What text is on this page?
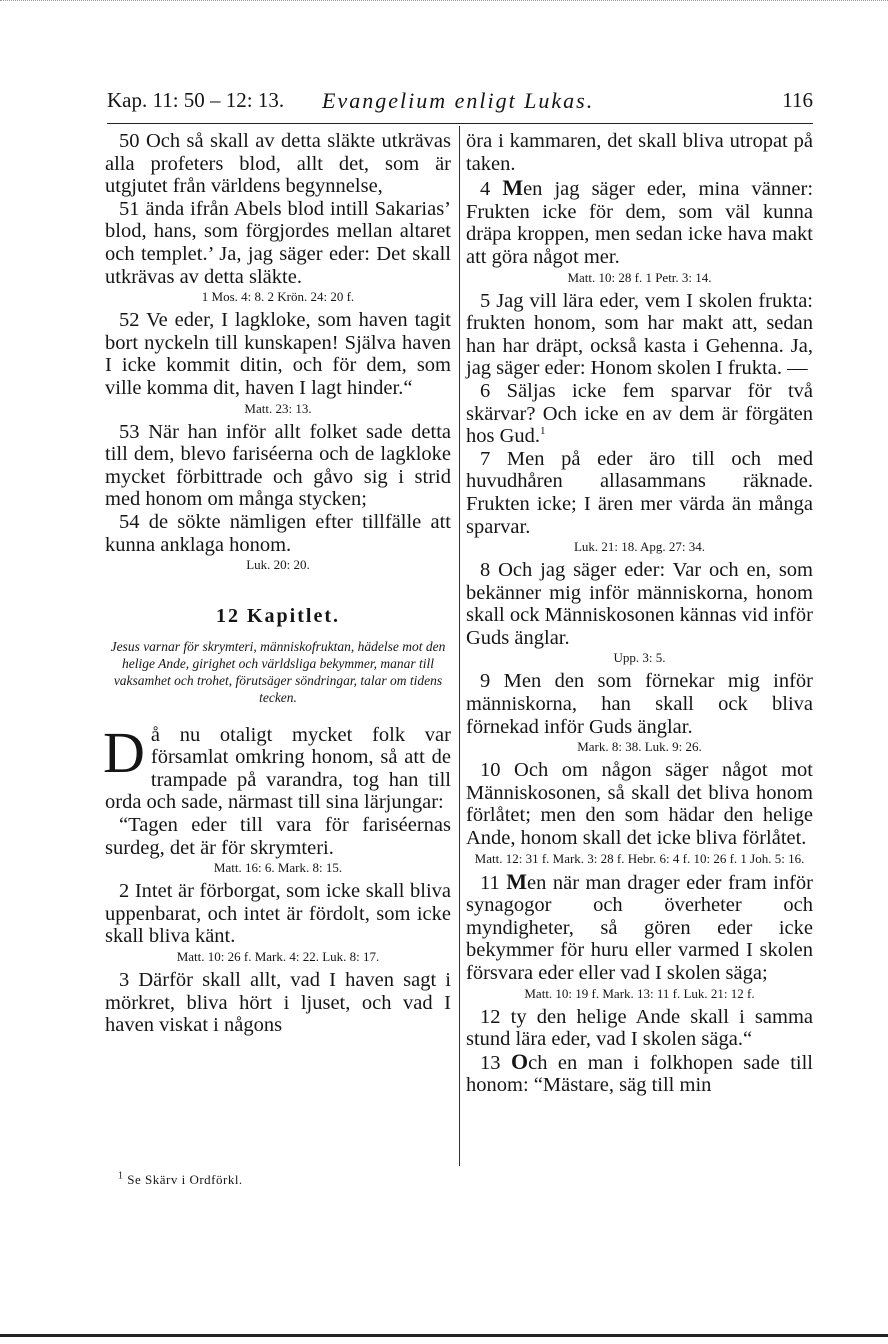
Kap. 11: 50 – 12: 13. Evangelium enligt Lukas.	116

50 Och så skall av detta släkte utkrävas alla profeters blod, allt det, som är utgjutet från världens begynnelse,

51 ända ifrån Abels blod intill Sakarias’ blod, hans, som förgjordes mellan altaret och templet.’ Ja, jag säger eder: Det skall utkrävas av detta släkte.

1 Mos. 4: 8. 2 Krön. 24: 20 f.

52 Ve eder, I lagkloke, som haven tagit bort nyckeln till kunskapen! Själva haven I icke kommit ditin, och för dem, som ville komma dit, haven I lagt hinder.“

Matt. 23: 13.

53 När han inför allt folket sade detta till dem, blevo fariséerna och de lagkloke mycket förbittrade och gåvo sig i strid med honom om många stycken;

54 de sökte nämligen efter tillfälle att kunna anklaga honom.

Luk. 20: 20.

12 Kapitlet.
Jesus varnar för skrymteri, människofruktan, hädelse mot den helige Ande, girighet och världsliga bekymmer, manar till vaksamhet och trohet, förutsäger söndringar, talar om tidens tecken.
D å nu otaligt mycket folk var församlat omkring honom, så att de trampade på varandra, tog han till orda och sade, närmast till sina lärjungar:

“Tagen eder till vara för fariséernas surdeg, det är för skrymteri.

Matt. 16: 6. Mark. 8: 15.

2 Intet är förborgat, som icke skall bliva uppenbarat, och intet är fördolt, som icke skall bliva känt.

Matt. 10: 26 f. Mark. 4: 22. Luk. 8: 17.

3 Därför skall allt, vad I haven sagt i mörkret, bliva hört i ljuset, och vad I haven viskat i någons

öra i kammaren, det skall bliva utropat på taken.

4 Men jag säger eder, mina vänner: Frukten icke för dem, som väl kunna dräpa kroppen, men sedan icke hava makt att göra något mer.

Matt. 10: 28 f. 1 Petr. 3: 14.

5 Jag vill lära eder, vem I skolen frukta: frukten honom, som har makt att, sedan han har dräpt, också kasta i Gehenna. Ja, jag säger eder: Honom skolen I frukta. —

6 Säljas icke fem sparvar för två skärvar? Och icke en av dem är förgäten hos Gud.$^1$

7 Men på eder äro till och med huvudhåren allasammans räknade. Frukten icke; I ären mer värda än många sparvar.

Luk. 21: 18. Apg. 27: 34.

8 Och jag säger eder: Var och en, som bekänner mig inför människorna, honom skall ock Människosonen kännas vid inför Guds änglar.

Upp. 3: 5.

9 Men den som förnekar mig inför människorna, han skall ock bliva förnekad inför Guds änglar.

Mark. 8: 38. Luk. 9: 26.

10 Och om någon säger något mot Människosonen, så skall det bliva honom förlåtet; men den som hädar den helige Ande, honom skall det icke bliva förlåtet.

Matt. 12: 31 f. Mark. 3: 28 f. Hebr. 6: 4 f. 10: 26 f. 1 Joh. 5: 16.

11 Men när man drager eder fram inför synagogor och överheter och myndigheter, så gören eder icke bekymmer för huru eller varmed I skolen försvara eder eller vad I skolen säga;

Matt. 10: 19 f. Mark. 13: 11 f. Luk. 21: 12 f.

12 ty den helige Ande skall i samma stund lära eder, vad I skolen säga.“

13 Och en man i folkhopen sade till honom: “Mästare, säg till min

$^1$ Se Skärv i Ordförkl.
